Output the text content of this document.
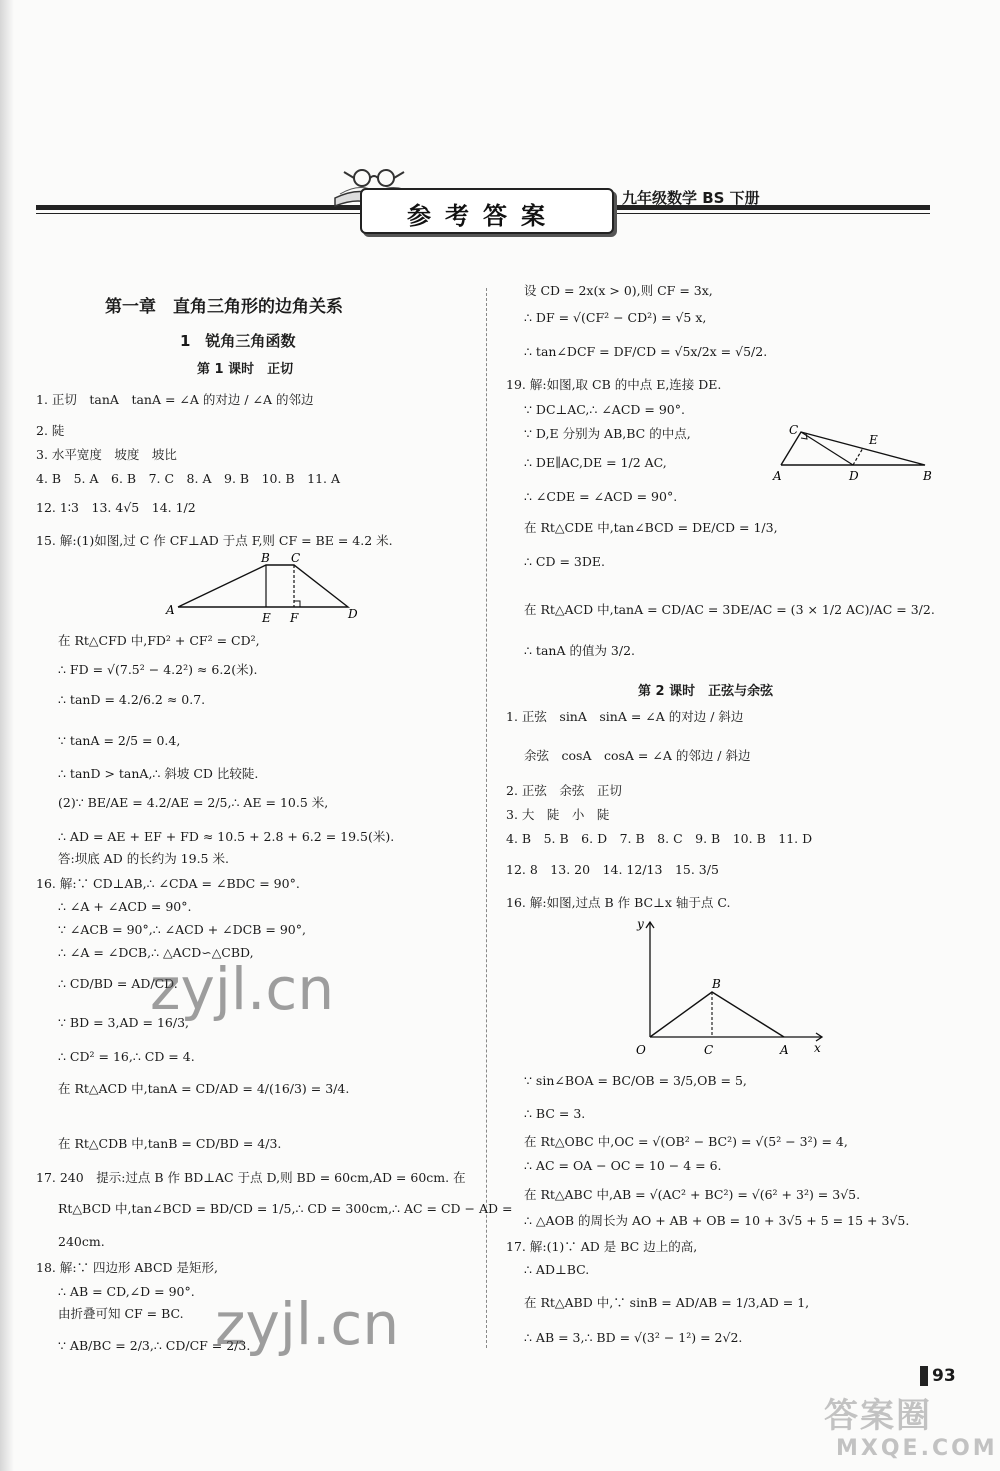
参考答案
九年级数学 BS 下册
第一章　直角三角形的边角关系
1　锐角三角函数
第 1 课时　正切
1. 正切　tanA　tanA = ∠A 的对边 / ∠A 的邻边
2. 陡
3. 水平宽度　坡度　坡比
4. B　5. A　6. B　7. C　8. A　9. B　10. B　11. A
12. 1∶3　13. 4√5　14. 1/2
15. 解:(1)如图,过 C 作 CF⊥AD 于点 F,则 CF = BE = 4.2 米.
B C
A
E F	D
在 Rt△CFD 中,FD² + CF² = CD²,
∴ FD = √(7.5² − 4.2²) ≈ 6.2(米).
∴ tanD = 4.2/6.2 ≈ 0.7.
∵ tanA = 2/5 = 0.4,
∴ tanD > tanA,∴ 斜坡 CD 比较陡.
(2)∵ BE/AE = 4.2/AE = 2/5,∴ AE = 10.5 米,
∴ AD = AE + EF + FD ≈ 10.5 + 2.8 + 6.2 = 19.5(米).
答:坝底 AD 的长约为 19.5 米.
16. 解:∵ CD⊥AB,∴ ∠CDA = ∠BDC = 90°.
∴ ∠A + ∠ACD = 90°.
∵ ∠ACB = 90°,∴ ∠ACD + ∠DCB = 90°,
∴ ∠A = ∠DCB,∴ △ACD∽△CBD,
∴ CD/BD = AD/CD.
∵ BD = 3,AD = 16/3,
∴ CD² = 16,∴ CD = 4.
在 Rt△ACD 中,tanA = CD/AD = 4/(16/3) = 3/4.
在 Rt△CDB 中,tanB = CD/BD = 4/3.
17. 240　提示:过点 B 作 BD⊥AC 于点 D,则 BD = 60cm,AD = 60cm. 在
Rt△BCD 中,tan∠BCD = BD/CD = 1/5,∴ CD = 300cm,∴ AC = CD − AD =
240cm.
18. 解:∵ 四边形 ABCD 是矩形,
∴ AB = CD,∠D = 90°.
由折叠可知 CF = BC.
∵ AB/BC = 2/3,∴ CD/CF = 2/3.
设 CD = 2x(x > 0),则 CF = 3x,
∴ DF = √(CF² − CD²) = √5 x,
∴ tan∠DCF = DF/CD = √5x/2x = √5/2.
19. 解:如图,取 CB 的中点 E,连接 DE.
∵ DC⊥AC,∴ ∠ACD = 90°.
∵ D,E 分别为 AB,BC 的中点,
∴ DE∥AC,DE = 1/2 AC,
∴ ∠CDE = ∠ACD = 90°.
C
E
A	D	B
在 Rt△CDE 中,tan∠BCD = DE/CD = 1/3,
∴ CD = 3DE.
在 Rt△ACD 中,tanA = CD/AC = 3DE/AC = (3 × 1/2 AC)/AC = 3/2.
∴ tanA 的值为 3/2.
第 2 课时　正弦与余弦
1. 正弦　sinA　sinA = ∠A 的对边 / 斜边
余弦　cosA　cosA = ∠A 的邻边 / 斜边
2. 正弦　余弦　正切
3. 大　陡　小　陡
4. B　5. B　6. D　7. B　8. C　9. B　10. B　11. D
12. 8　13. 20　14. 12/13　15. 3/5
16. 解:如图,过点 B 作 BC⊥x 轴于点 C.
y
B
O	C	A x
∵ sin∠BOA = BC/OB = 3/5,OB = 5,
∴ BC = 3.
在 Rt△OBC 中,OC = √(OB² − BC²) = √(5² − 3²) = 4,
∴ AC = OA − OC = 10 − 4 = 6.
在 Rt△ABC 中,AB = √(AC² + BC²) = √(6² + 3²) = 3√5.
∴ △AOB 的周长为 AO + AB + OB = 10 + 3√5 + 5 = 15 + 3√5.
17. 解:(1)∵ AD 是 BC 边上的高,
∴ AD⊥BC.
在 Rt△ABD 中,∵ sinB = AD/AB = 1/3,AD = 1,
∴ AB = 3,∴ BD = √(3² − 1²) = 2√2.
zyjl.cn
zyjl.cn
93
答案圈
MXQE.COM
